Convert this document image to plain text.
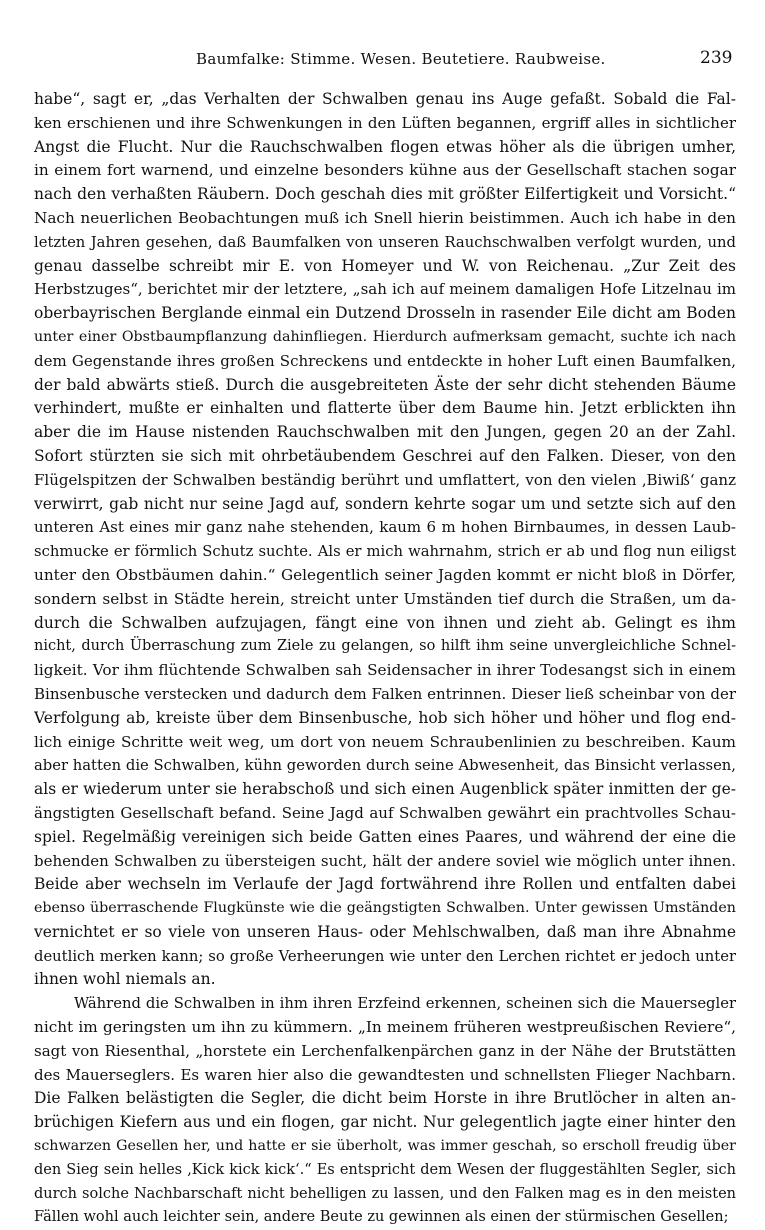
Baumfalke: Stimme. Wesen. Beutetiere. Raubweise.	239

habe“, sagt er, „das Verhalten der Schwalben genau ins Auge gefaßt. Sobald die Fal-
ken erschienen und ihre Schwenkungen in den Lüften begannen, ergriff alles in sichtlicher
Angst die Flucht. Nur die Rauchschwalben flogen etwas höher als die übrigen umher,
in einem fort warnend, und einzelne besonders kühne aus der Gesellschaft stachen sogar
nach den verhaßten Räubern. Doch geschah dies mit größter Eilfertigkeit und Vorsicht.“
Nach neuerlichen Beobachtungen muß ich Snell hierin beistimmen. Auch ich habe in den
letzten Jahren gesehen, daß Baumfalken von unseren Rauchschwalben verfolgt wurden, und
genau dasselbe schreibt mir E. von Homeyer und W. von Reichenau. „Zur Zeit des
Herbstzuges“, berichtet mir der letztere, „sah ich auf meinem damaligen Hofe Litzelnau im
oberbayrischen Berglande einmal ein Dutzend Drosseln in rasender Eile dicht am Boden
unter einer Obstbaumpflanzung dahinfliegen. Hierdurch aufmerksam gemacht, suchte ich nach
dem Gegenstande ihres großen Schreckens und entdeckte in hoher Luft einen Baumfalken,
der bald abwärts stieß. Durch die ausgebreiteten Äste der sehr dicht stehenden Bäume
verhindert, mußte er einhalten und flatterte über dem Baume hin. Jetzt erblickten ihn
aber die im Hause nistenden Rauchschwalben mit den Jungen, gegen 20 an der Zahl.
Sofort stürzten sie sich mit ohrbetäubendem Geschrei auf den Falken. Dieser, von den
Flügelspitzen der Schwalben beständig berührt und umflattert, von den vielen ‚Biwiß‘ ganz
verwirrt, gab nicht nur seine Jagd auf, sondern kehrte sogar um und setzte sich auf den
unteren Ast eines mir ganz nahe stehenden, kaum 6 m hohen Birnbaumes, in dessen Laub-
schmucke er förmlich Schutz suchte. Als er mich wahrnahm, strich er ab und flog nun eiligst
unter den Obstbäumen dahin.“ Gelegentlich seiner Jagden kommt er nicht bloß in Dörfer,
sondern selbst in Städte herein, streicht unter Umständen tief durch die Straßen, um da-
durch die Schwalben aufzujagen, fängt eine von ihnen und zieht ab. Gelingt es ihm
nicht, durch Überraschung zum Ziele zu gelangen, so hilft ihm seine unvergleichliche Schnel-
ligkeit. Vor ihm flüchtende Schwalben sah Seidensacher in ihrer Todesangst sich in einem
Binsenbusche verstecken und dadurch dem Falken entrinnen. Dieser ließ scheinbar von der
Verfolgung ab, kreiste über dem Binsenbusche, hob sich höher und höher und flog end-
lich einige Schritte weit weg, um dort von neuem Schraubenlinien zu beschreiben. Kaum
aber hatten die Schwalben, kühn geworden durch seine Abwesenheit, das Binsicht verlassen,
als er wiederum unter sie herabschoß und sich einen Augenblick später inmitten der ge-
ängstigten Gesellschaft befand. Seine Jagd auf Schwalben gewährt ein prachtvolles Schau-
spiel. Regelmäßig vereinigen sich beide Gatten eines Paares, und während der eine die
behenden Schwalben zu übersteigen sucht, hält der andere soviel wie möglich unter ihnen.
Beide aber wechseln im Verlaufe der Jagd fortwährend ihre Rollen und entfalten dabei
ebenso überraschende Flugkünste wie die geängstigten Schwalben. Unter gewissen Umständen
vernichtet er so viele von unseren Haus- oder Mehlschwalben, daß man ihre Abnahme
deutlich merken kann; so große Verheerungen wie unter den Lerchen richtet er jedoch unter
ihnen wohl niemals an.

Während die Schwalben in ihm ihren Erzfeind erkennen, scheinen sich die Mauersegler
nicht im geringsten um ihn zu kümmern. „In meinem früheren westpreußischen Reviere“,
sagt von Riesenthal, „horstete ein Lerchenfalkenpärchen ganz in der Nähe der Brutstätten
des Mauerseglers. Es waren hier also die gewandtesten und schnellsten Flieger Nachbarn.
Die Falken belästigten die Segler, die dicht beim Horste in ihre Brutlöcher in alten an-
brüchigen Kiefern aus und ein flogen, gar nicht. Nur gelegentlich jagte einer hinter den
schwarzen Gesellen her, und hatte er sie überholt, was immer geschah, so erscholl freudig über
den Sieg sein helles ‚Kick kick kick‘.“ Es entspricht dem Wesen der fluggestählten Segler, sich
durch solche Nachbarschaft nicht behelligen zu lassen, und den Falken mag es in den meisten
Fällen wohl auch leichter sein, andere Beute zu gewinnen als einen der stürmischen Gesellen;
